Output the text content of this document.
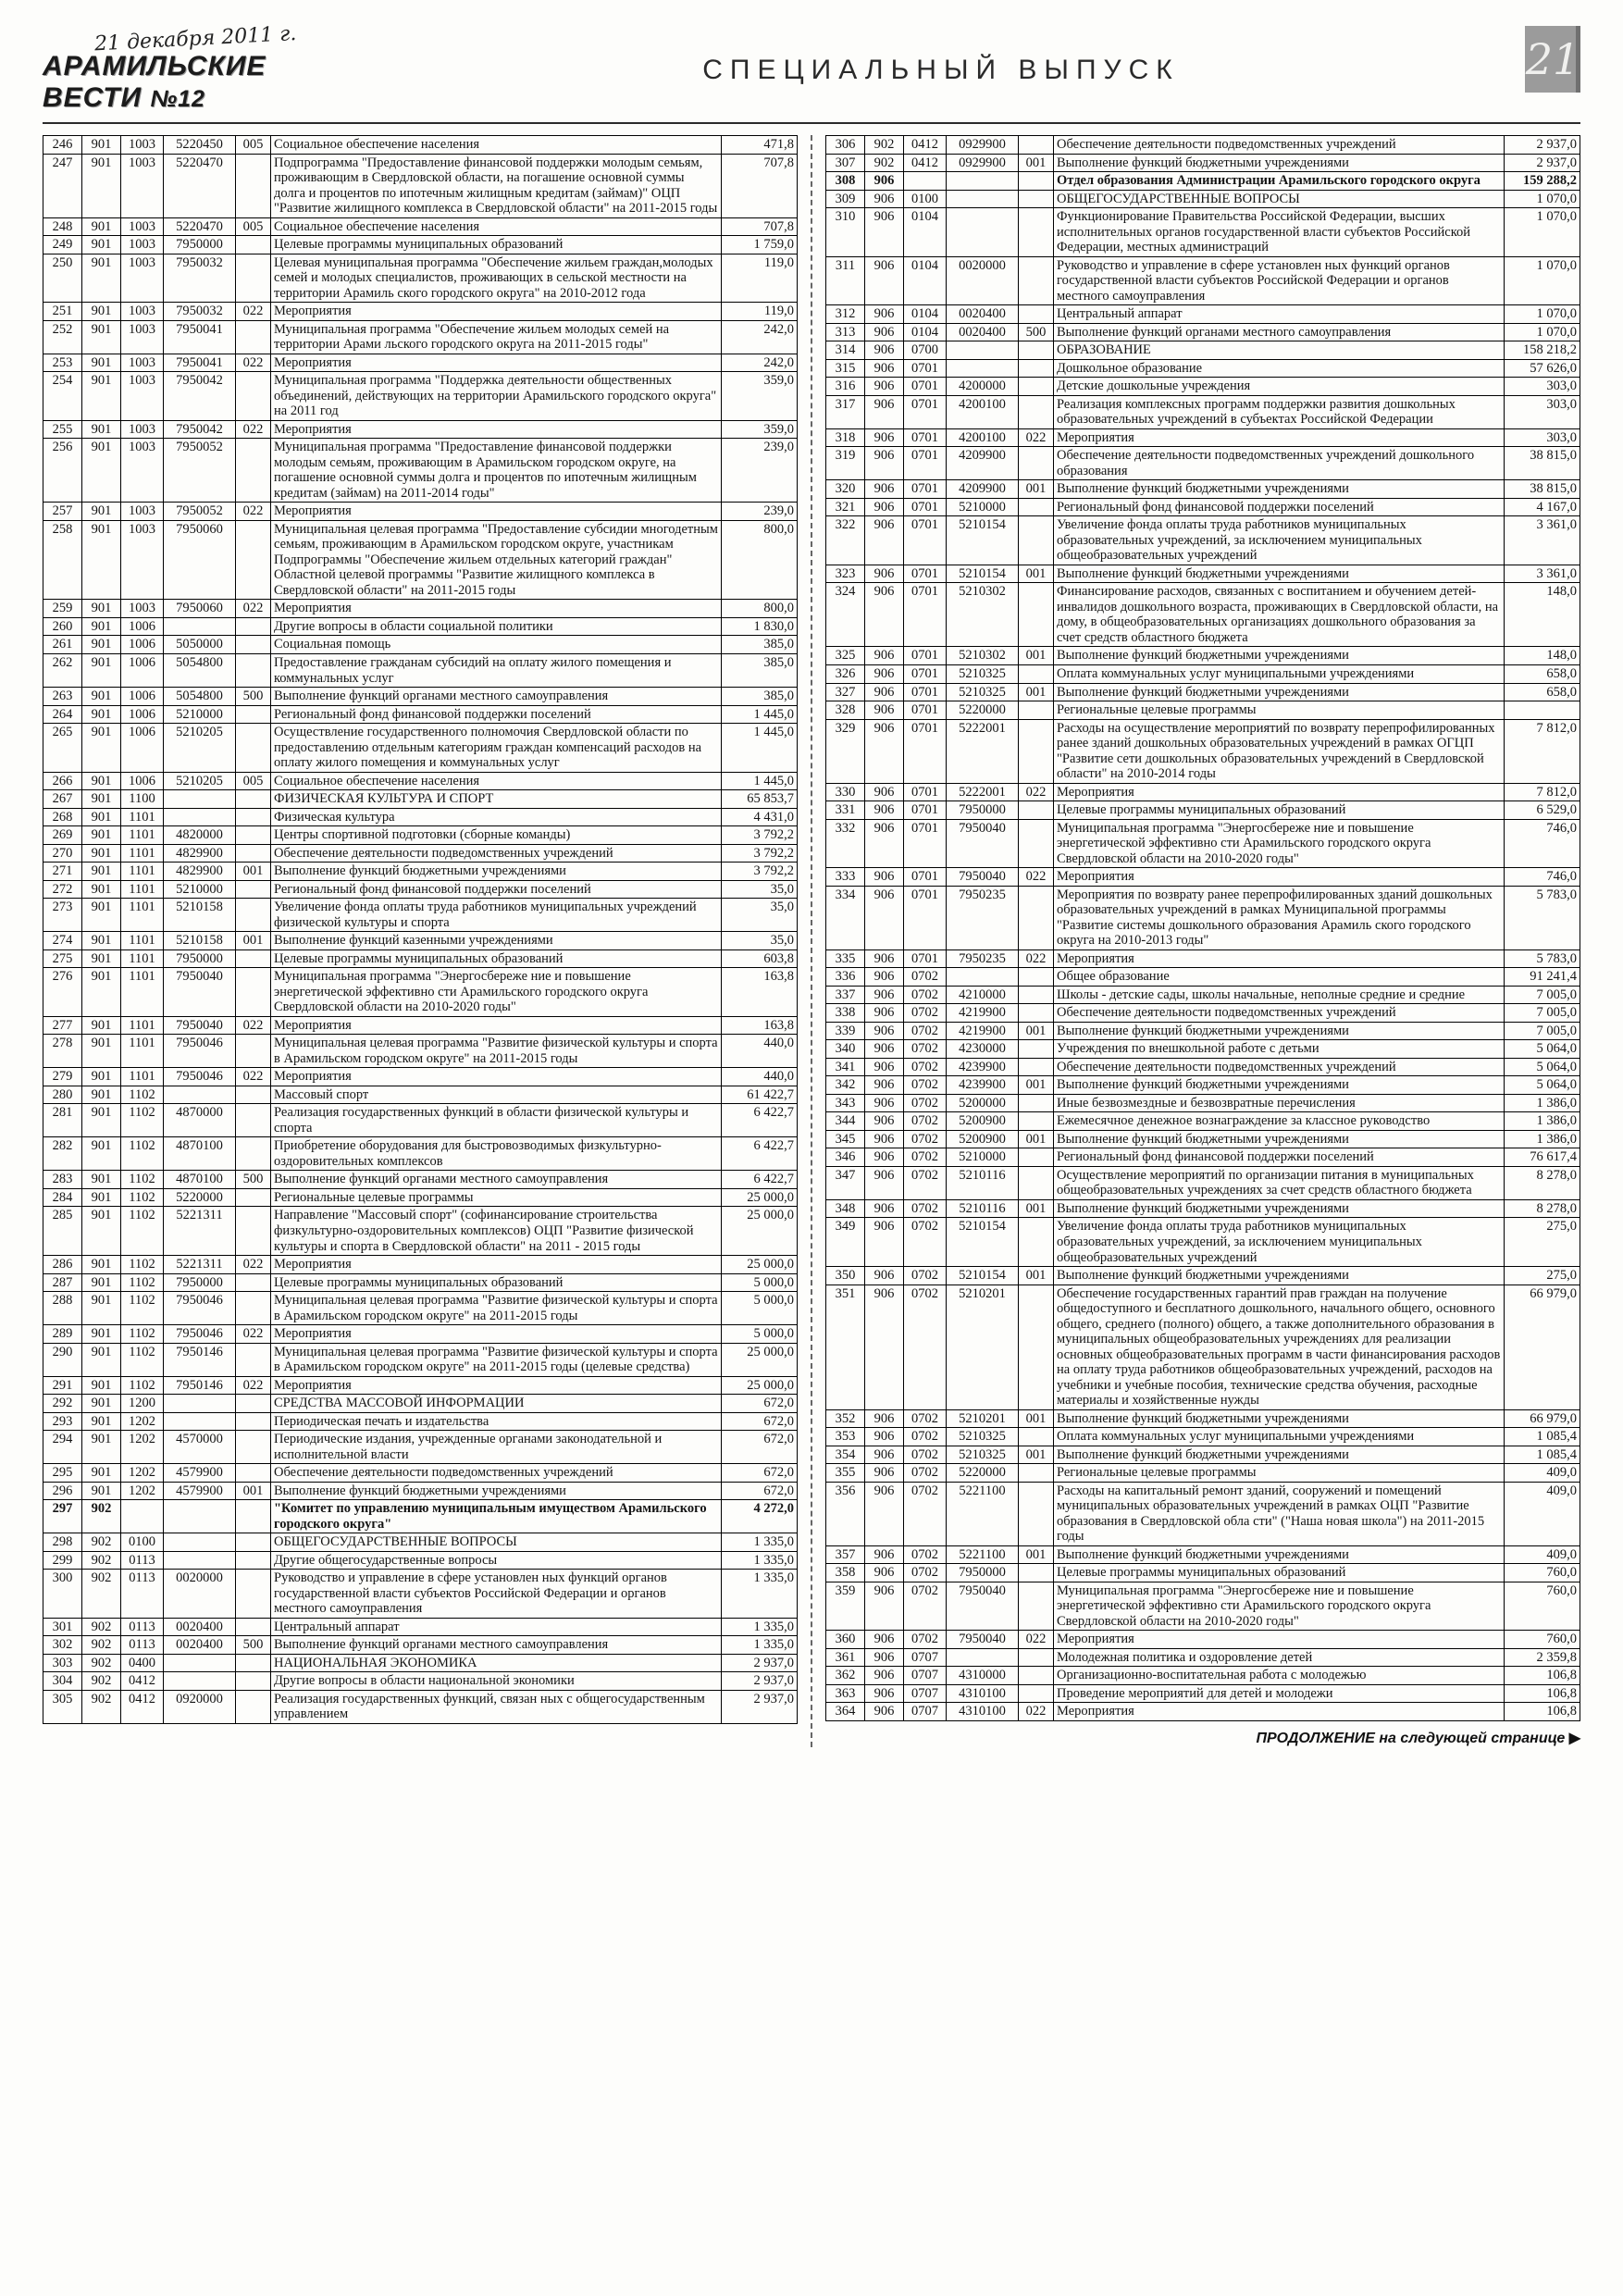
21 декабря 2011 г.
АРАМИЛЬСКИЕ ВЕСТИ №12
СПЕЦИАЛЬНЫЙ ВЫПУСК	21
246	901	1003	5220450	005	Социальное обеспечение населения	471,8
247	901	1003	5220470		Подпрограмма "Предоставление финансовой поддержки молодым семьям, проживающим в Свердловской области, на погашение основной суммы долга и процентов по ипотечным жилищным кредитам (займам)" ОЦП "Развитие жилищного комплекса в Свердловской области" на 2011-2015 годы	707,8
248	901	1003	5220470	005	Социальное обеспечение населения	707,8
249	901	1003	7950000		Целевые программы муниципальных образований	1 759,0
250	901	1003	7950032		Целевая муниципальная программа "Обеспечение жильем граждан,молодых семей и молодых специалистов, проживающих в сельской местности на территории Арамиль ского городского округа" на 2010-2012 года	119,0
251	901	1003	7950032	022	Мероприятия	119,0
252	901	1003	7950041		Муниципальная программа "Обеспечение жильем молодых семей на территории Арами льского городского округа на 2011-2015 годы"	242,0
253	901	1003	7950041	022	Мероприятия	242,0
254	901	1003	7950042		Муниципальная программа "Поддержка деятельности общественных объединений, действующих на территории Арамильского городского округа" на 2011 год	359,0
255	901	1003	7950042	022	Мероприятия	359,0
256	901	1003	7950052		Муниципальная программа "Предоставление финансовой поддержки молодым семьям, проживающим в Арамильском городском округе, на погашение основной суммы долга и процентов по ипотечным жилищным кредитам (займам) на 2011-2014 годы"	239,0
257	901	1003	7950052	022	Мероприятия	239,0
258	901	1003	7950060		Муниципальная целевая программа "Предоставление субсидии многодетным семьям, проживающим в Арамильском городском округе, участникам Подпрограммы "Обеспечение жильем отдельных категорий граждан" Областной целевой программы "Развитие жилищного комплекса в Свердловской области" на 2011-2015 годы	800,0
259	901	1003	7950060	022	Мероприятия	800,0
260	901	1006			Другие вопросы в области социальной политики	1 830,0
261	901	1006	5050000		Социальная помощь	385,0
262	901	1006	5054800		Предоставление гражданам субсидий на оплату жилого помещения и коммунальных услуг	385,0
263	901	1006	5054800	500	Выполнение функций органами местного самоуправления	385,0
264	901	1006	5210000		Региональный фонд финансовой поддержки поселений	1 445,0
265	901	1006	5210205		Осуществление государственного полномочия Свердловской области по предоставлению отдельным категориям граждан компенсаций расходов на оплату жилого помещения и коммунальных услуг	1 445,0
266	901	1006	5210205	005	Социальное обеспечение населения	1 445,0
267	901	1100			ФИЗИЧЕСКАЯ КУЛЬТУРА И СПОРТ	65 853,7
268	901	1101			Физическая культура	4 431,0
269	901	1101	4820000		Центры спортивной подготовки (сборные команды)	3 792,2
270	901	1101	4829900		Обеспечение деятельности подведомственных учреждений	3 792,2
271	901	1101	4829900	001	Выполнение функций бюджетными учреждениями	3 792,2
272	901	1101	5210000		Региональный фонд финансовой поддержки поселений	35,0
273	901	1101	5210158		Увеличение фонда оплаты труда работников муниципальных учреждений физической культуры и спорта	35,0
274	901	1101	5210158	001	Выполнение функций казенными учреждениями	35,0
275	901	1101	7950000		Целевые программы муниципальных образований	603,8
276	901	1101	7950040		Муниципальная программа "Энергосбереже ние и повышение энергетической эффективно сти Арамильского городского округа Свердловской области на 2010-2020 годы"	163,8
277	901	1101	7950040	022	Мероприятия	163,8
278	901	1101	7950046		Муниципальная целевая программа "Развитие физической культуры и спорта в Арамильском городском округе" на 2011-2015 годы	440,0
279	901	1101	7950046	022	Мероприятия	440,0
280	901	1102			Массовый спорт	61 422,7
281	901	1102	4870000		Реализация государственных функций в области физической культуры и спорта	6 422,7
282	901	1102	4870100		Приобретение оборудования для быстровозводимых физкультурно-оздоровительных комплексов	6 422,7
283	901	1102	4870100	500	Выполнение функций органами местного самоуправления	6 422,7
284	901	1102	5220000		Региональные целевые программы	25 000,0
285	901	1102	5221311		Направление "Массовый спорт" (софинансирование строительства физкультурно-оздоровительных комплексов) ОЦП "Развитие физической культуры и спорта в Свердловской области" на 2011 - 2015 годы	25 000,0
286	901	1102	5221311	022	Мероприятия	25 000,0
287	901	1102	7950000		Целевые программы муниципальных образований	5 000,0
288	901	1102	7950046		Муниципальная целевая программа "Развитие физической культуры и спорта в Арамильском городском округе" на 2011-2015 годы	5 000,0
289	901	1102	7950046	022	Мероприятия	5 000,0
290	901	1102	7950146		Муниципальная целевая программа "Развитие физической культуры и спорта в Арамильском городском округе" на 2011-2015 годы (целевые средства)	25 000,0
291	901	1102	7950146	022	Мероприятия	25 000,0
292	901	1200			СРЕДСТВА МАССОВОЙ ИНФОРМАЦИИ	672,0
293	901	1202			Периодическая печать и издательства	672,0
294	901	1202	4570000		Периодические издания, учрежденные органами законодательной и исполнительной власти	672,0
295	901	1202	4579900		Обеспечение деятельности подведомственных учреждений	672,0
296	901	1202	4579900	001	Выполнение функций бюджетными учреждениями	672,0
297	902				"Комитет по управлению муниципальным имуществом Арамильского городского округа"	4 272,0
298	902	0100			ОБЩЕГОСУДАРСТВЕННЫЕ ВОПРОСЫ	1 335,0
299	902	0113			Другие общегосударственные вопросы	1 335,0
300	902	0113	0020000		Руководство и управление в сфере установлен ных функций органов государственной власти субъектов Российской Федерации и органов местного самоуправления	1 335,0
301	902	0113	0020400		Центральный аппарат	1 335,0
302	902	0113	0020400	500	Выполнение функций органами местного самоуправления	1 335,0
303	902	0400			НАЦИОНАЛЬНАЯ ЭКОНОМИКА	2 937,0
304	902	0412			Другие вопросы в области национальной экономики	2 937,0
305	902	0412	0920000		Реализация государственных функций, связан ных с общегосударственным управлением	2 937,0
306	902	0412	0929900		Обеспечение деятельности подведомственных учреждений	2 937,0
307	902	0412	0929900	001	Выполнение функций бюджетными учреждениями	2 937,0
308	906				Отдел образования Администрации Арамильского городского округа	159 288,2
309	906	0100			ОБЩЕГОСУДАРСТВЕННЫЕ ВОПРОСЫ	1 070,0
310	906	0104			Функционирование Правительства Российской Федерации, высших исполнительных органов государственной власти субъектов Российской Федерации, местных администраций	1 070,0
311	906	0104	0020000		Руководство и управление в сфере установлен ных функций органов государственной власти субъектов Российской Федерации и органов местного самоуправления	1 070,0
312	906	0104	0020400		Центральный аппарат	1 070,0
313	906	0104	0020400	500	Выполнение функций органами местного самоуправления	1 070,0
314	906	0700			ОБРАЗОВАНИЕ	158 218,2
315	906	0701			Дошкольное образование	57 626,0
316	906	0701	4200000		Детские дошкольные учреждения	303,0
317	906	0701	4200100		Реализация комплексных программ поддержки развития дошкольных образовательных учреждений в субъектах Российской Федерации	303,0
318	906	0701	4200100	022	Мероприятия	303,0
319	906	0701	4209900		Обеспечение деятельности подведомственных учреждений дошкольного образования	38 815,0
320	906	0701	4209900	001	Выполнение функций бюджетными учреждениями	38 815,0
321	906	0701	5210000		Региональный фонд финансовой поддержки поселений	4 167,0
322	906	0701	5210154		Увеличение фонда оплаты труда работников муниципальных образовательных учреждений, за исключением муниципальных общеобразовательных учреждений	3 361,0
323	906	0701	5210154	001	Выполнение функций бюджетными учреждениями	3 361,0
324	906	0701	5210302		Финансирование расходов, связанных с воспитанием и обучением детей-инвалидов дошкольного возраста, проживающих в Свердловской области, на дому, в общеобразовательных организациях дошкольного образования за счет средств областного бюджета	148,0
325	906	0701	5210302	001	Выполнение функций бюджетными учреждениями	148,0
326	906	0701	5210325		Оплата коммунальных услуг муниципальными учреждениями	658,0
327	906	0701	5210325	001	Выполнение функций бюджетными учреждениями	658,0
328	906	0701	5220000		Региональные целевые программы	
329	906	0701	5222001		Расходы на осуществление мероприятий по возврату перепрофилированных ранее зданий дошкольных образовательных учреждений в рамках ОГЦП "Развитие сети дошкольных образовательных учреждений в Свердловской области" на 2010-2014 годы	7 812,0
330	906	0701	5222001	022	Мероприятия	7 812,0
331	906	0701	7950000		Целевые программы муниципальных образований	6 529,0
332	906	0701	7950040		Муниципальная программа "Энергосбереже ние и повышение энергетической эффективно сти Арамильского городского округа Свердловской области на 2010-2020 годы"	746,0
333	906	0701	7950040	022	Мероприятия	746,0
334	906	0701	7950235		Мероприятия по возврату ранее перепрофилированных зданий дошкольных образовательных учреждений в рамках Муниципальной программы "Развитие системы дошкольного образования Арамиль ского городского округа на 2010-2013 годы"	5 783,0
335	906	0701	7950235	022	Мероприятия	5 783,0
336	906	0702			Общее образование	91 241,4
337	906	0702	4210000		Школы - детские сады, школы начальные, неполные средние и средние	7 005,0
338	906	0702	4219900		Обеспечение деятельности подведомственных учреждений	7 005,0
339	906	0702	4219900	001	Выполнение функций бюджетными учреждениями	7 005,0
340	906	0702	4230000		Учреждения по внешкольной работе с детьми	5 064,0
341	906	0702	4239900		Обеспечение деятельности подведомственных учреждений	5 064,0
342	906	0702	4239900	001	Выполнение функций бюджетными учреждениями	5 064,0
343	906	0702	5200000		Иные безвозмездные и безвозвратные перечисления	1 386,0
344	906	0702	5200900		Ежемесячное денежное вознаграждение за классное руководство	1 386,0
345	906	0702	5200900	001	Выполнение функций бюджетными учреждениями	1 386,0
346	906	0702	5210000		Региональный фонд финансовой поддержки поселений	76 617,4
347	906	0702	5210116		Осуществление мероприятий по организации питания в муниципальных общеобразовательных учреждениях за счет средств областного бюджета	8 278,0
348	906	0702	5210116	001	Выполнение функций бюджетными учреждениями	8 278,0
349	906	0702	5210154		Увеличение фонда оплаты труда работников муниципальных образовательных учреждений, за исключением муниципальных общеобразовательных учреждений	275,0
350	906	0702	5210154	001	Выполнение функций бюджетными учреждениями	275,0
351	906	0702	5210201		Обеспечение государственных гарантий прав граждан на получение общедоступного и бесплатного дошкольного, начального общего, основного общего, среднего (полного) общего, а также дополнительного образования в муниципальных общеобразовательных учреждениях для реализации основных общеобразовательных программ в части финансирования расходов на оплату труда работников общеобразовательных учреждений, расходов на учебники и учебные пособия, технические средства обучения, расходные материалы и хозяйственные нужды	66 979,0
352	906	0702	5210201	001	Выполнение функций бюджетными учреждениями	66 979,0
353	906	0702	5210325		Оплата коммунальных услуг муниципальными учреждениями	1 085,4
354	906	0702	5210325	001	Выполнение функций бюджетными учреждениями	1 085,4
355	906	0702	5220000		Региональные целевые программы	409,0
356	906	0702	5221100		Расходы на капитальный ремонт зданий, сооружений и помещений муниципальных образовательных учреждений в рамках ОЦП "Развитие образования в Свердловской обла сти" ("Наша новая школа") на 2011-2015 годы	409,0
357	906	0702	5221100	001	Выполнение функций бюджетными учреждениями	409,0
358	906	0702	7950000		Целевые программы муниципальных образований	760,0
359	906	0702	7950040		Муниципальная программа "Энергосбереже ние и повышение энергетической эффективно сти Арамильского городского округа Свердловской области на 2010-2020 годы"	760,0
360	906	0702	7950040	022	Мероприятия	760,0
361	906	0707			Молодежная политика и оздоровление детей	2 359,8
362	906	0707	4310000		Организационно-воспитательная работа с молодежью	106,8
363	906	0707	4310100		Проведение мероприятий для детей и молодежи	106,8
364	906	0707	4310100	022	Мероприятия	106,8
ПРОДОЛЖЕНИЕ на следующей странице ▶
